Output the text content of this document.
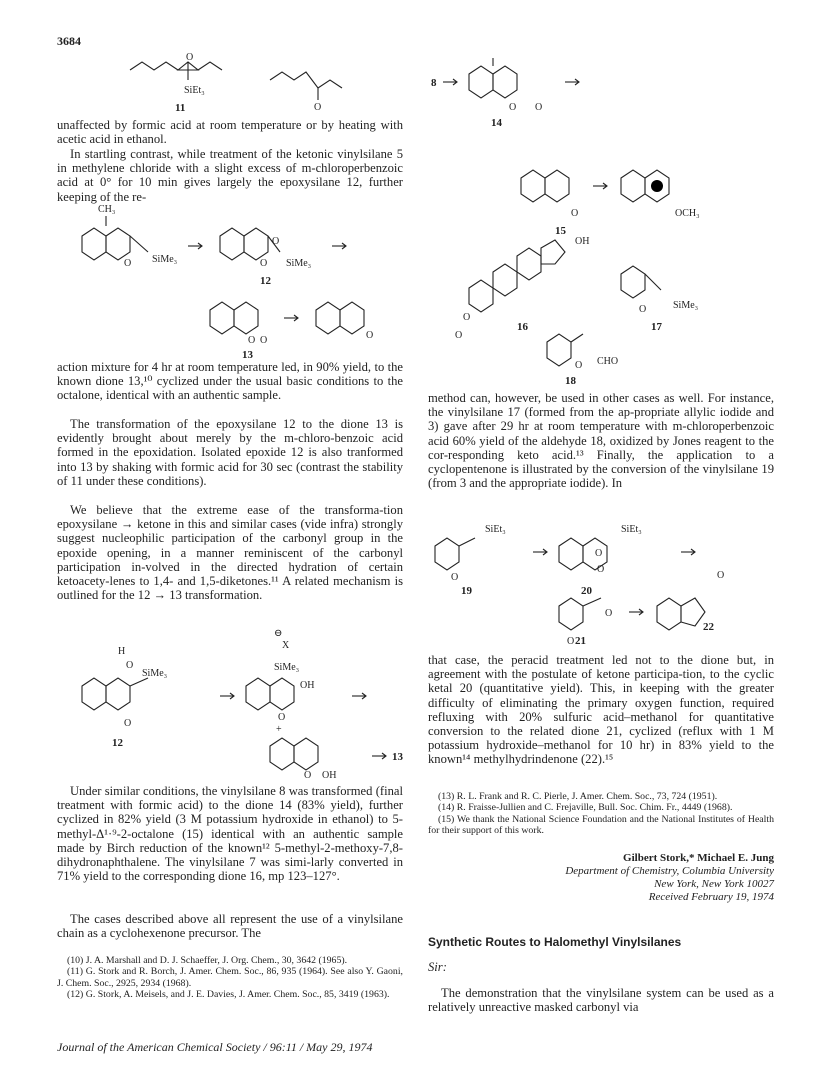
3684
O
SiEt₃
11	O

unaffected by formic acid at room temperature or by heating with acetic acid in ethanol.

In startling contrast, while treatment of the ketonic vinylsilane 5 in methylene chloride with a slight excess of m-chloroperbenzoic acid at 0° for 10 min gives largely the epoxysilane 12, further keeping of the re-

CH₃
O SiMe₃
O
O SiMe₃
12
O O
13
O

action mixture for 4 hr at room temperature led, in 90% yield, to the known dione 13,¹⁰ cyclized under the usual basic conditions to the octalone, identical with an authentic sample.

The transformation of the epoxysilane 12 to the dione 13 is evidently brought about merely by the m-chloro-benzoic acid formed in the epoxidation. Isolated epoxide 12 is also tranformed into 13 by shaking with formic acid for 30 sec (contrast the stability of 11 under these conditions).

We believe that the extreme ease of the transforma-tion epoxysilane → ketone in this and similar cases (vide infra) strongly suggest nucleophilic participation of the carbonyl group in the epoxide opening, in a manner reminiscent of the carbonyl participation in-volved in the directed hydration of certain ketoacety-lenes to 1,4- and 1,5-diketones.¹¹ A related mechanism is outlined for the 12 → 13 transformation.

H
O
SiMe₃
O
12
⊖
X
SiMe₃
OH
O
+
O OH
13

Under similar conditions, the vinylsilane 8 was transformed (final treatment with formic acid) to the dione 14 (83% yield), further cyclized in 82% yield (3 M potassium hydroxide in ethanol) to 5-methyl-Δ¹·⁹-2-octalone (15) identical with an authentic sample made by Birch reduction of the known¹² 5-methyl-2-methoxy-7,8-dihydronaphthalene. The vinylsilane 7 was simi-larly converted in 71% yield to the corresponding dione 16, mp 123–127°.

The cases described above all represent the use of a vinylsilane chain as a cyclohexenone precursor. The

(10) J. A. Marshall and D. J. Schaeffer, J. Org. Chem., 30, 3642 (1965).

(11) G. Stork and R. Borch, J. Amer. Chem. Soc., 86, 935 (1964). See also Y. Gaoni, J. Chem. Soc., 2925, 2934 (1968).

(12) G. Stork, A. Meisels, and J. E. Davies, J. Amer. Chem. Soc., 85, 3419 (1963).

8
O O
14
O	OCH₃
15
OH
O
O
16
O	SiMe₃
17
O CHO
18

method can, however, be used in other cases as well. For instance, the vinylsilane 17 (formed from the ap-propriate allylic iodide and 3) gave after 29 hr at room temperature with m-chloroperbenzoic acid 60% yield of the aldehyde 18, oxidized by Jones reagent to the cor-responding keto acid.¹³ Finally, the application to a cyclopentenone is illustrated by the conversion of the vinylsilane 19 (from 3 and the appropriate iodide). In

O
SiEt₃
19
O
O
SiEt₃
20
O
O
21
O
22

that case, the peracid treatment led not to the dione but, in agreement with the postulate of ketone participa-tion, to the cyclic ketal 20 (quantitative yield). This, in keeping with the greater difficulty of eliminating the primary oxygen function, required refluxing with 20% sulfuric acid–methanol for quantitative conversion to the related dione 21, cyclized (reflux with 1 M potassium hydroxide–methanol for 10 hr) in 83% yield to the known¹⁴ methylhydrindenone (22).¹⁵

(13) R. L. Frank and R. C. Pierle, J. Amer. Chem. Soc., 73, 724 (1951).

(14) R. Fraisse-Jullien and C. Frejaville, Bull. Soc. Chim. Fr., 4449 (1968).

(15) We thank the National Science Foundation and the National Institutes of Health for their support of this work.

Gilbert Stork,* Michael E. Jung
Department of Chemistry, Columbia University
New York, New York 10027
Received February 19, 1974
Synthetic Routes to Halomethyl Vinylsilanes
Sir:

The demonstration that the vinylsilane system can be used as a relatively unreactive masked carbonyl via

Journal of the American Chemical Society / 96:11 / May 29, 1974
